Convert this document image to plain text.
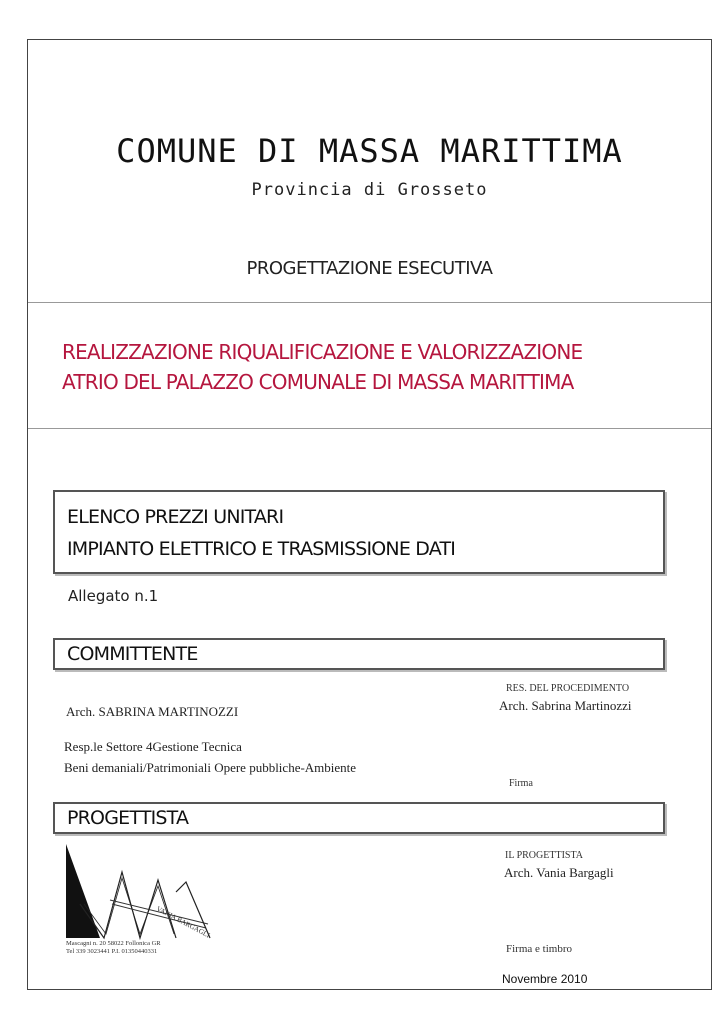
COMUNE DI MASSA MARITTIMA
Provincia di Grosseto
PROGETTAZIONE ESECUTIVA
REALIZZAZIONE RIQUALIFICAZIONE E VALORIZZAZIONE
ATRIO DEL PALAZZO COMUNALE DI MASSA MARITTIMA
ELENCO PREZZI UNITARI
IMPIANTO ELETTRICO E TRASMISSIONE DATI
Allegato n.1
COMMITTENTE
Arch. SABRINA MARTINOZZI
Resp.le Settore 4Gestione Tecnica
Beni demaniali/Patrimoniali Opere pubbliche-Ambiente
RES. DEL PROCEDIMENTO
Arch. Sabrina Martinozzi
Firma
PROGETTISTA
VANIA BARGAGLI
Mascagni n. 20 58022 Follonica GR
Tel 339 3023441 P.I. 01350440331
IL PROGETTISTA
Arch. Vania Bargagli
Firma e timbro
Novembre 2010
